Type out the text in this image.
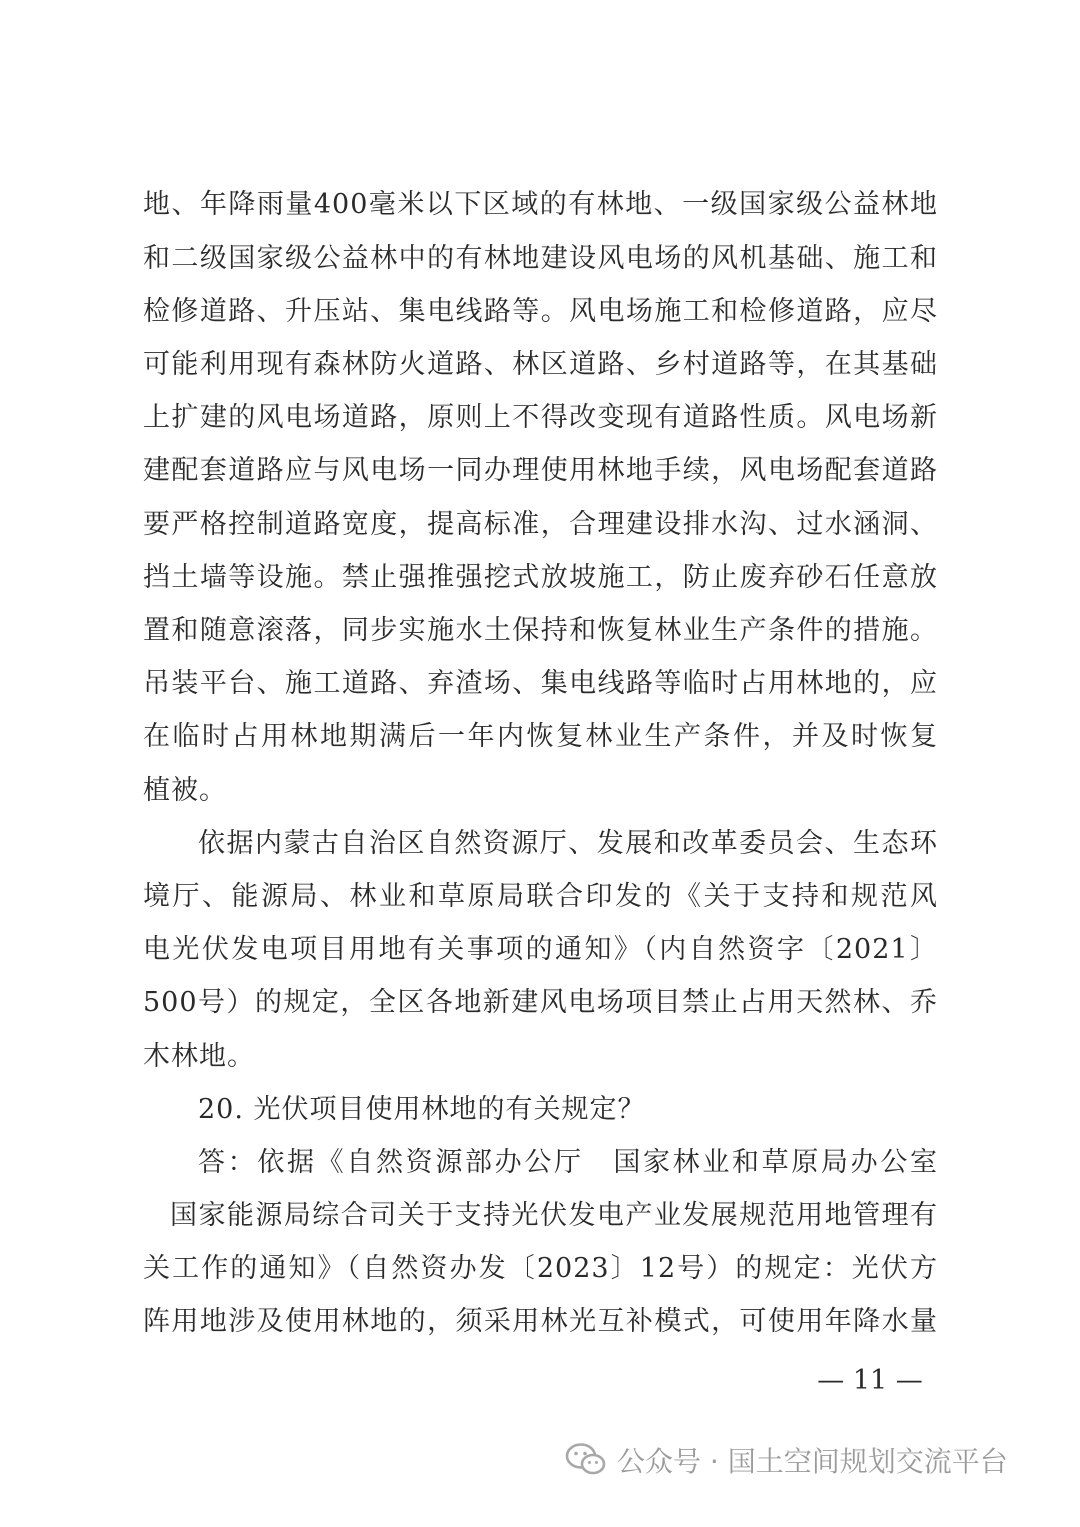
地、年降雨量400毫米以下区域的有林地、一级国家级公益林地
和二级国家级公益林中的有林地建设风电场的风机基础、施工和
检修道路、升压站、集电线路等。风电场施工和检修道路，应尽
可能利用现有森林防火道路、林区道路、乡村道路等，在其基础
上扩建的风电场道路，原则上不得改变现有道路性质。风电场新
建配套道路应与风电场一同办理使用林地手续，风电场配套道路
要严格控制道路宽度，提高标准，合理建设排水沟、过水涵洞、
挡土墙等设施。禁止强推强挖式放坡施工，防止废弃砂石任意放
置和随意滚落，同步实施水土保持和恢复林业生产条件的措施。
吊装平台、施工道路、弃渣场、集电线路等临时占用林地的，应
在临时占用林地期满后一年内恢复林业生产条件，并及时恢复
植被。
依据内蒙古自治区自然资源厅、发展和改革委员会、生态环
境厅、能源局、林业和草原局联合印发的《关于支持和规范风
电光伏发电项目用地有关事项的通知》（内自然资字〔2021〕
500号）的规定，全区各地新建风电场项目禁止占用天然林、乔
木林地。
20. 光伏项目使用林地的有关规定？
答：依据《自然资源部办公厅　国家林业和草原局办公室
国家能源局综合司关于支持光伏发电产业发展规范用地管理有
关工作的通知》（自然资办发〔2023〕12号）的规定：光伏方
阵用地涉及使用林地的，须采用林光互补模式，可使用年降水量
— 11 —
公众号 · 国土空间规划交流平台
